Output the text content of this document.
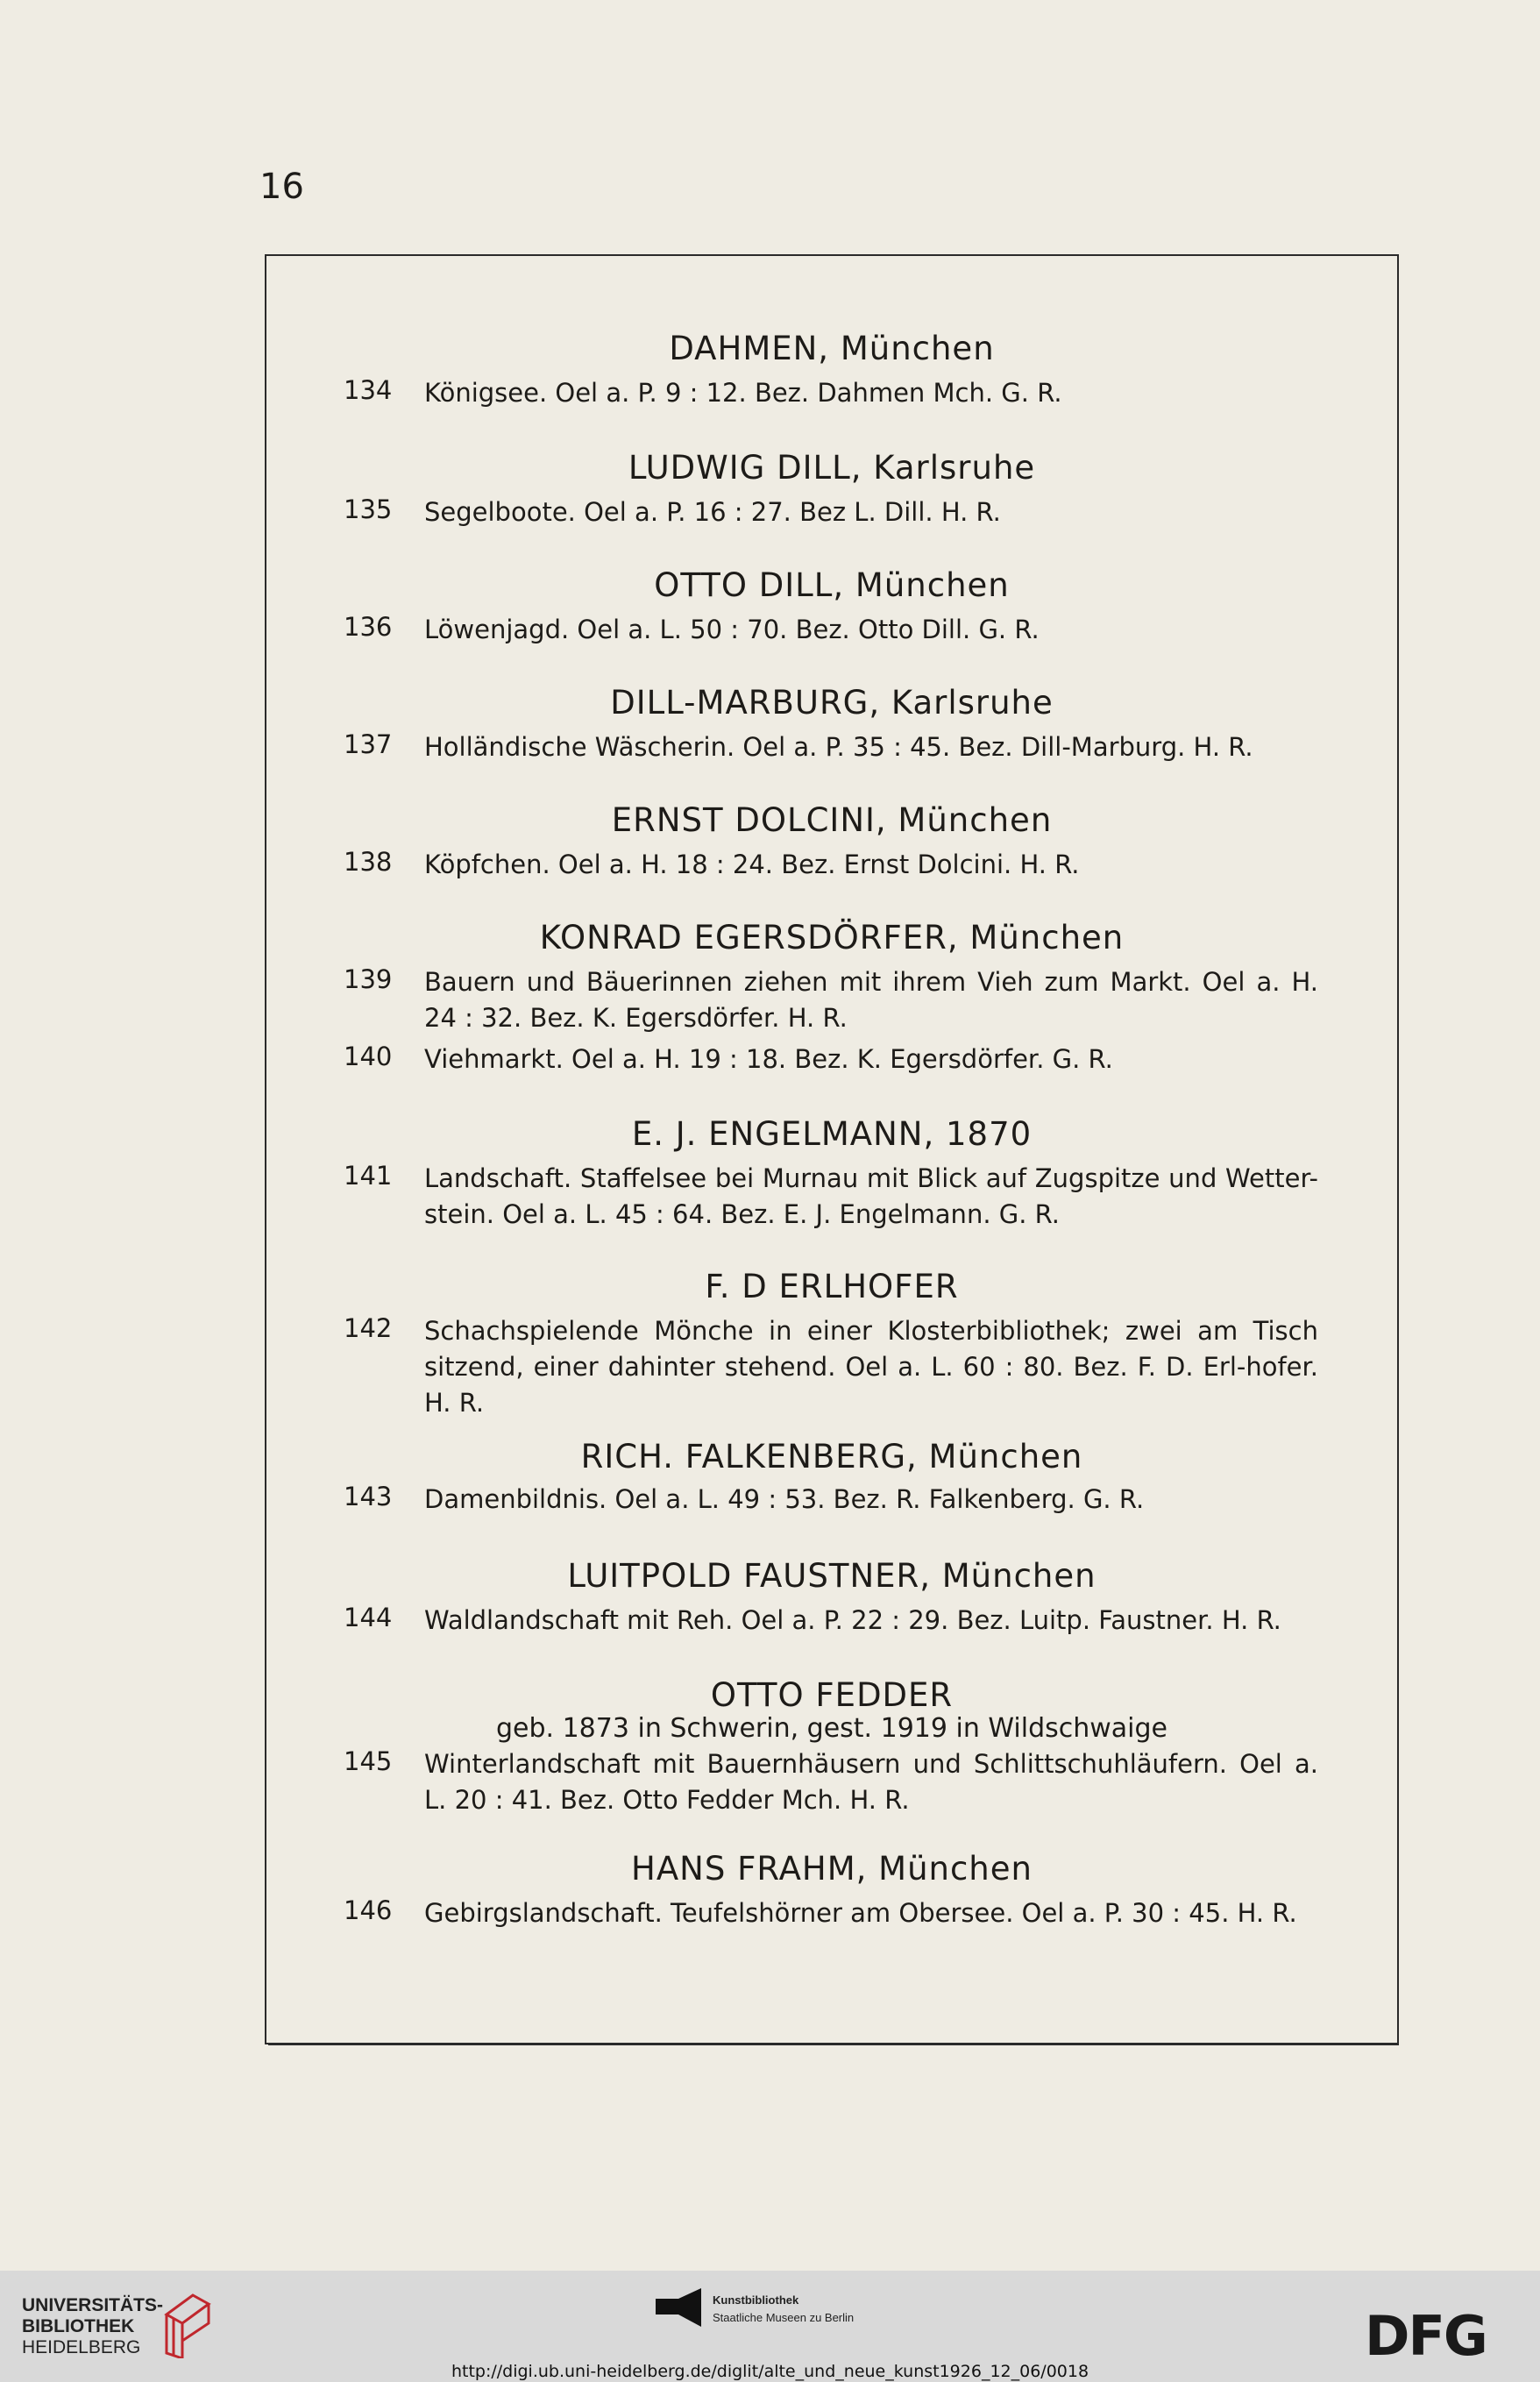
16
DAHMEN, München
134 Königsee. Oel a. P. 9 : 12. Bez. Dahmen Mch. G. R.
LUDWIG DILL, Karlsruhe
135 Segelboote. Oel a. P. 16 : 27. Bez L. Dill. H. R.
OTTO DILL, München
136 Löwenjagd. Oel a. L. 50 : 70. Bez. Otto Dill. G. R.
DILL-MARBURG, Karlsruhe
137 Holländische Wäscherin. Oel a. P. 35 : 45. Bez. Dill-Marburg. H. R.
ERNST DOLCINI, München
138 Köpfchen. Oel a. H. 18 : 24. Bez. Ernst Dolcini. H. R.
KONRAD EGERSDÖRFER, München
139 Bauern und Bäuerinnen ziehen mit ihrem Vieh zum Markt. Oel a. H. 24 : 32. Bez. K. Egersdörfer. H. R.
140 Viehmarkt. Oel a. H. 19 : 18. Bez. K. Egersdörfer. G. R.
E. J. ENGELMANN, 1870
141 Landschaft. Staffelsee bei Murnau mit Blick auf Zugspitze und Wetter-stein. Oel a. L. 45 : 64. Bez. E. J. Engelmann. G. R.
F. D ERLHOFER
142 Schachspielende Mönche in einer Klosterbibliothek; zwei am Tisch sitzend, einer dahinter stehend. Oel a. L. 60 : 80. Bez. F. D. Erl-hofer. H. R.
RICH. FALKENBERG, München
143 Damenbildnis. Oel a. L. 49 : 53. Bez. R. Falkenberg. G. R.
LUITPOLD FAUSTNER, München
144 Waldlandschaft mit Reh. Oel a. P. 22 : 29. Bez. Luitp. Faustner. H. R.
OTTO FEDDER
geb. 1873 in Schwerin, gest. 1919 in Wildschwaige
145 Winterlandschaft mit Bauernhäusern und Schlittschuhläufern. Oel a. L. 20 : 41. Bez. Otto Fedder Mch. H. R.
HANS FRAHM, München
146 Gebirgslandschaft. Teufelshörner am Obersee. Oel a. P. 30 : 45. H. R.
UNIVERSITÄTS-
BIBLIOTHEK
HEIDELBERG
Kunstbibliothek
Staatliche Museen zu Berlin	DFG
http://digi.ub.uni-heidelberg.de/diglit/alte_und_neue_kunst1926_12_06/0018
